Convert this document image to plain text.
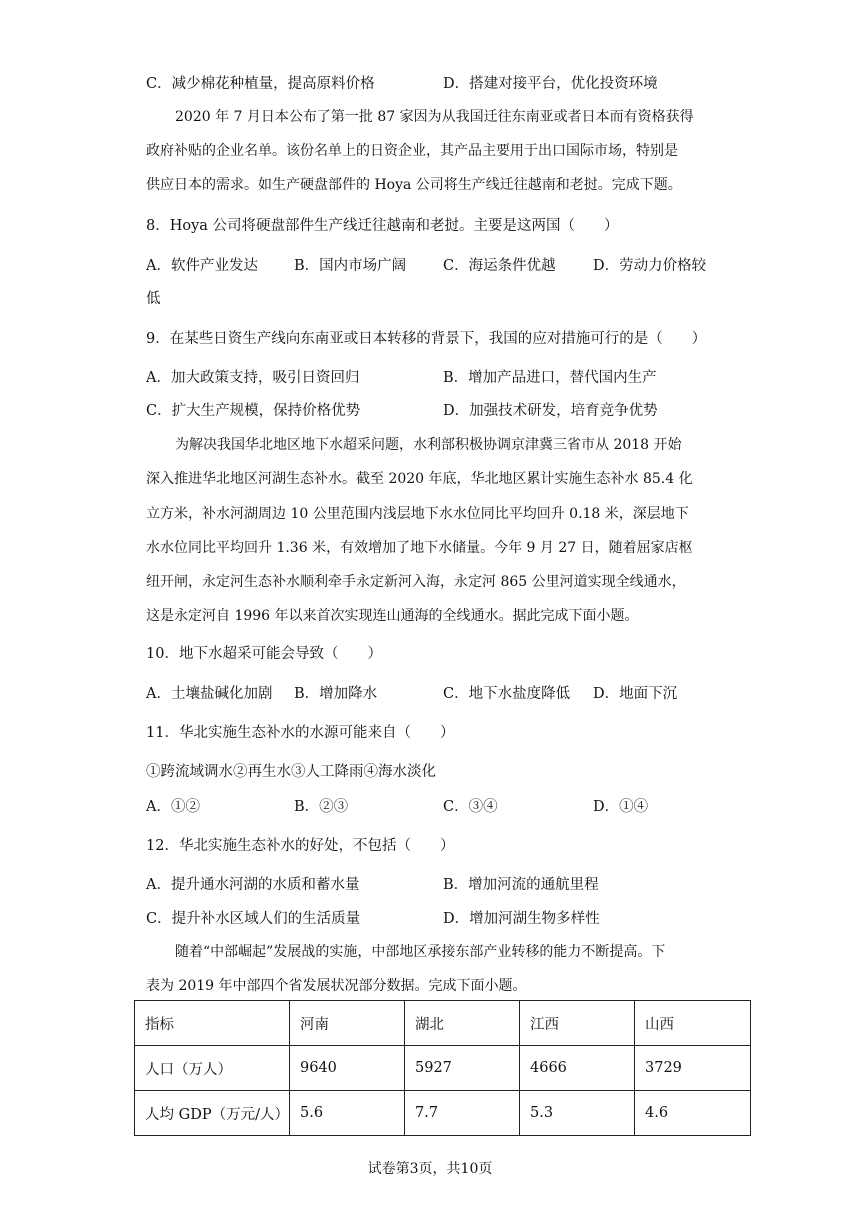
C．减少棉花种植量，提高原料价格	D．搭建对接平台，优化投资环境
2020 年 7 月日本公布了第一批 87 家因为从我国迁往东南亚或者日本而有资格获得
政府补贴的企业名单。该份名单上的日资企业，其产品主要用于出口国际市场，特别是
供应日本的需求。如生产硬盘部件的 Hoya 公司将生产线迁往越南和老挝。完成下题。
8．Hoya 公司将硬盘部件生产线迁往越南和老挝。主要是这两国（　　）
A．软件产业发达 B．国内市场广阔	C．海运条件优越	D．劳动力价格较
低
9．在某些日资生产线向东南亚或日本转移的背景下，我国的应对措施可行的是（　　）
A．加大政策支持，吸引日资回归	B．增加产品进口，替代国内生产
C．扩大生产规模，保持价格优势	D．加强技术研发，培育竞争优势
为解决我国华北地区地下水超采问题，水利部积极协调京津冀三省市从 2018 开始
深入推进华北地区河湖生态补水。截至 2020 年底，华北地区累计实施生态补水 85.4 化
立方米，补水河湖周边 10 公里范围内浅层地下水水位同比平均回升 0.18 米，深层地下
水水位同比平均回升 1.36 米，有效增加了地下水储量。今年 9 月 27 日，随着屈家店枢
纽开闸，永定河生态补水顺利牵手永定新河入海，永定河 865 公里河道实现全线通水，
这是永定河自 1996 年以来首次实现连山通海的全线通水。据此完成下面小题。
10．地下水超采可能会导致（　　）
A．土壤盐碱化加剧 B．增加降水	C．地下水盐度降低 D．地面下沉
11．华北实施生态补水的水源可能来自（　　）
①跨流域调水②再生水③人工降雨④海水淡化
A．①②	B．②③	C．③④	D．①④
12．华北实施生态补水的好处，不包括（　　）
A．提升通水河湖的水质和蓄水量	B．增加河流的通航里程
C．提升补水区域人们的生活质量	D．增加河湖生物多样性
随着“中部崛起”发展战的实施，中部地区承接东部产业转移的能力不断提高。下
表为 2019 年中部四个省发展状况部分数据。完成下面小题。
指标	河南	湖北	江西	山西
人口（万人）	9640	5927	4666	3729
人均 GDP（万元/人）	5.6	7.7	5.3	4.6
试卷第3页，共10页
